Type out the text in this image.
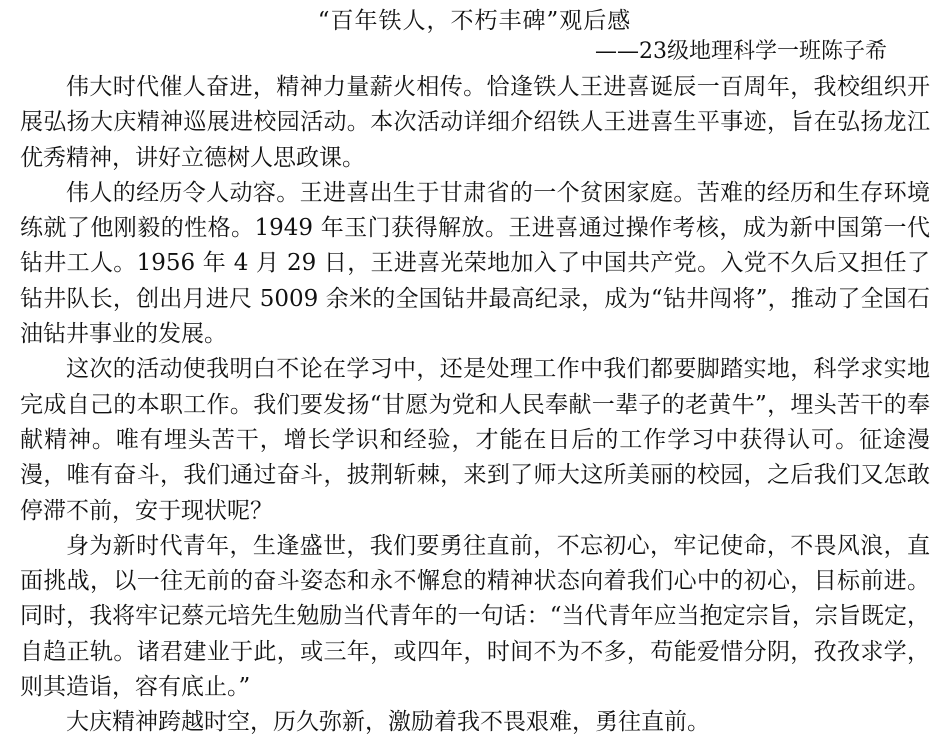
“百年铁人，不朽丰碑”观后感
——23级地理科学一班陈子希

伟大时代催人奋进，精神力量薪火相传。恰逢铁人王进喜诞辰一百周年，我校组织开展弘扬大庆精神巡展进校园活动。本次活动详细介绍铁人王进喜生平事迹，旨在弘扬龙江优秀精神，讲好立德树人思政课。

伟人的经历令人动容。王进喜出生于甘肃省的一个贫困家庭。苦难的经历和生存环境练就了他刚毅的性格。1949 年玉门获得解放。王进喜通过操作考核，成为新中国第一代钻井工人。1956 年 4 月 29 日，王进喜光荣地加入了中国共产党。入党不久后又担任了钻井队长，创出月进尺 5009 余米的全国钻井最高纪录，成为“钻井闯将”，推动了全国石油钻井事业的发展。

这次的活动使我明白不论在学习中，还是处理工作中我们都要脚踏实地，科学求实地完成自己的本职工作。我们要发扬“甘愿为党和人民奉献一辈子的老黄牛”，埋头苦干的奉献精神。唯有埋头苦干，增长学识和经验，才能在日后的工作学习中获得认可。征途漫漫，唯有奋斗，我们通过奋斗，披荆斩棘，来到了师大这所美丽的校园，之后我们又怎敢停滞不前，安于现状呢？

身为新时代青年，生逢盛世，我们要勇往直前，不忘初心，牢记使命，不畏风浪，直面挑战，以一往无前的奋斗姿态和永不懈怠的精神状态向着我们心中的初心，目标前进。同时，我将牢记蔡元培先生勉励当代青年的一句话：“当代青年应当抱定宗旨，宗旨既定，自趋正轨。诸君建业于此，或三年，或四年，时间不为不多，苟能爱惜分阴，孜孜求学，则其造诣，容有底止。”

大庆精神跨越时空，历久弥新，激励着我不畏艰难，勇往直前。
